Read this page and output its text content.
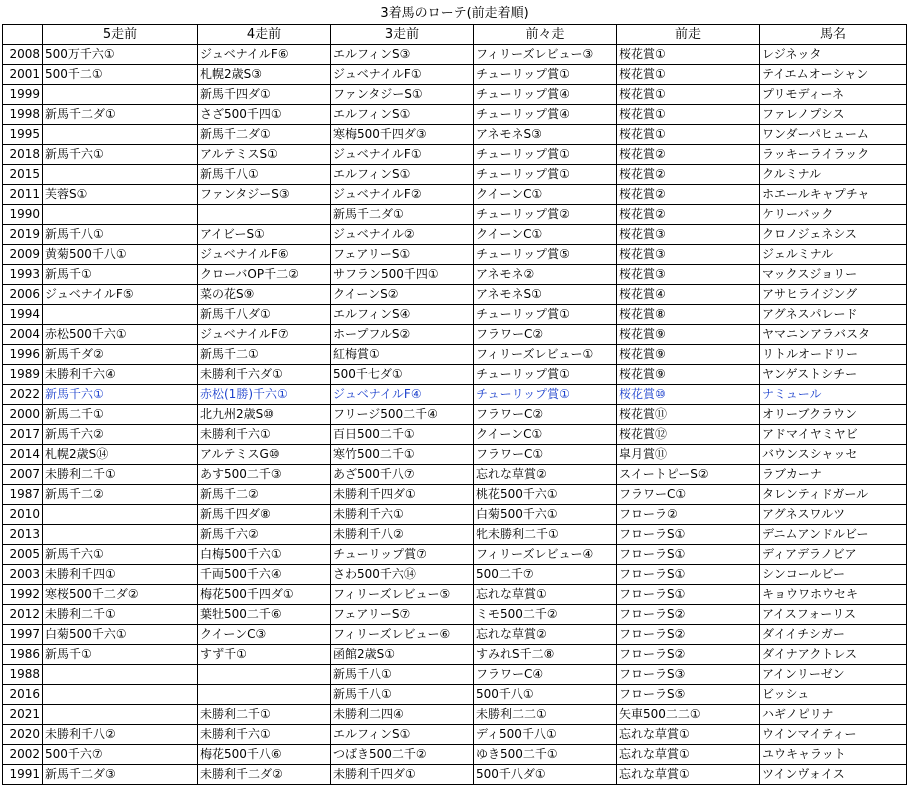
3着馬のローテ(前走着順)						
	5走前	4走前	3走前	前々走	前走	馬名
2008	500万千六①	ジュベナイルF⑥	エルフィンS③	フィリーズレビュー③	桜花賞①	レジネッタ
2001	500千二①	札幌2歳S③	ジュベナイルF①	チューリップ賞①	桜花賞①	テイエムオーシャン
1999		新馬千四ダ①	ファンタジーS①	チューリップ賞④	桜花賞①	プリモディーネ
1998	新馬千二ダ①	さざ500千四①	エルフィンS①	チューリップ賞④	桜花賞①	ファレノプシス
1995		新馬千二ダ①	寒梅500千四ダ③	アネモネS③	桜花賞①	ワンダーパヒューム
2018	新馬千六①	アルテミスS①	ジュベナイルF①	チューリップ賞①	桜花賞②	ラッキーライラック
2015		新馬千八①	エルフィンS①	チューリップ賞①	桜花賞②	クルミナル
2011	芙蓉S①	ファンタジーS③	ジュベナイルF②	クイーンC①	桜花賞②	ホエールキャプチャ
1990			新馬千二ダ①	チューリップ賞②	桜花賞②	ケリーバック
2019	新馬千八①	アイビーS①	ジュベナイル②	クイーンC①	桜花賞③	クロノジェネシス
2009	黄菊500千八①	ジュベナイルF⑥	フェアリーS①	チューリップ賞⑤	桜花賞③	ジェルミナル
1993	新馬千①	クローバOP千二②	サフラン500千四①	アネモネ②	桜花賞③	マックスジョリー
2006	ジュベナイルF⑤	菜の花S⑨	クイーンS②	アネモネS①	桜花賞④	アサヒライジング
1994		新馬千八ダ①	エルフィンS④	チューリップ賞①	桜花賞⑧	アグネスパレード
2004	赤松500千六①	ジュベナイルF⑦	ホープフルS②	フラワーC②	桜花賞⑨	ヤマニンアラバスタ
1996	新馬千ダ②	新馬千二①	紅梅賞①	フィリーズレビュー①	桜花賞⑨	リトルオードリー
1989	未勝利千六④	未勝利千六ダ①	500千七ダ①	チューリップ賞①	桜花賞⑨	ヤンゲストシチー
2022	新馬千六①	赤松(1勝)千六①	ジュベナイルF④	チューリップ賞①	桜花賞⑩	ナミュール
2000	新馬二千①	北九州2歳S⑩	フリージ500二千④	フラワーC②	桜花賞⑪	オリーブクラウン
2017	新馬千六②	未勝利千六①	百日500二千①	クイーンC①	桜花賞⑫	アドマイヤミヤビ
2014	札幌2歳S⑭	アルテミスG⑩	寒竹500二千①	フラワーC①	皐月賞⑪	バウンスシャッセ
2007	未勝利二千①	あす500二千③	あざ500千八⑦	忘れな草賞②	スイートピーS②	ラブカーナ
1987	新馬千二②	新馬千二②	未勝利千四ダ①	桃花500千六①	フラワーC①	タレンティドガール
2010		新馬千四ダ⑧	未勝利千六①	白菊500千六①	フローラ②	アグネスワルツ
2013		新馬千六②	未勝利千八②	牝未勝利二千①	フローラS①	デニムアンドルビー
2005	新馬千六①	白梅500千六①	チューリップ賞⑦	フィリーズレビュー④	フローラS①	ディアデラノビア
2003	未勝利千四①	千両500千六④	さわ500千六⑭	500二千⑦	フローラS①	シンコールビー
1992	寒桜500千二ダ②	梅花500千四ダ①	フィリーズレビュー⑤	忘れな草賞①	フローラS①	キョウワホウセキ
2012	未勝利二千①	葉牡500二千⑥	フェアリーS⑦	ミモ500二千②	フローラS②	アイスフォーリス
1997	白菊500千六①	クイーンC③	フィリーズレビュー⑥	忘れな草賞②	フローラS②	ダイイチシガー
1986	新馬千①	すず千①	函館2歳S①	すみれS千二⑧	フローラS②	ダイナアクトレス
1988			新馬千八①	フラワーC④	フローラS③	アインリーゼン
2016			新馬千八①	500千八①	フローラS⑤	ビッシュ
2021		未勝利二千①	未勝利二四④	未勝利二二①	矢車500二二①	ハギノピリナ
2020	未勝利千八②	未勝利千六①	エルフィンS①	ディ500千八①	忘れな草賞①	ウインマイティー
2002	500千六⑦	梅花500千八⑥	つばき500二千②	ゆき500二千①	忘れな草賞①	ユウキャラット
1991	新馬千二ダ③	未勝利千二ダ②	未勝利千四ダ①	500千八ダ①	忘れな草賞①	ツインヴォイス
